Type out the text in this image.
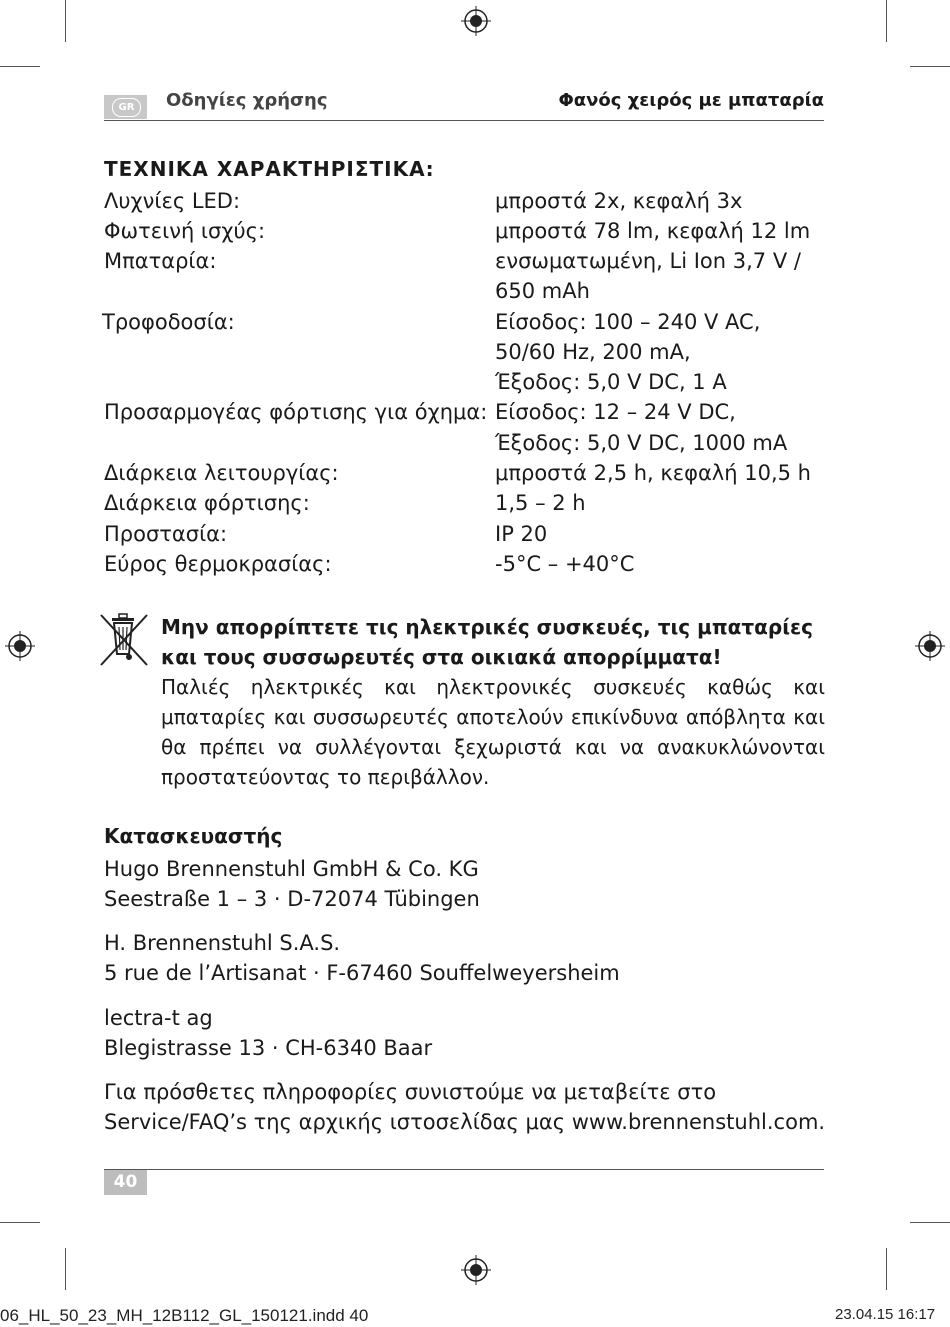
GR	Οδηγίες χρήσης	Φανός χειρός με μπαταρία
ΤΕΧΝΙΚΑ ΧΑΡΑΚΤΗΡΙΣΤΙΚΑ:
Λυχνίες LED:	μπροστά 2x, κεφαλή 3x
Φωτεινή ισχύς:	μπροστά 78 lm, κεφαλή 12 lm
Μπαταρία:	ενσωματωμένη, Li Ion 3,7 V /
650 mAh
Τροφοδοσία:	Είσοδος: 100 – 240 V AC,
50/60 Hz, 200 mA,
Έξοδος: 5,0 V DC, 1 A
Προσαρμογέας φόρτισης για όχημα: Είσοδος: 12 – 24 V DC,
Έξοδος: 5,0 V DC, 1000 mA
Διάρκεια λειτουργίας:	μπροστά 2,5 h, κεφαλή 10,5 h
Διάρκεια φόρτισης:	1,5 – 2 h
Προστασία:	IP 20
Εύρος θερμοκρασίας:	-5°C – +40°C
Μην απορρίπτετε τις ηλεκτρικές συσκευές, τις μπαταρίες και τους συσσωρευτές στα οικιακά απορρίμματα!
Παλιές ηλεκτρικές και ηλεκτρονικές συσκευές καθώς και μπαταρίες και συσσωρευτές αποτελούν επικίνδυνα απόβλητα και θα πρέπει να συλλέγονται ξεχωριστά και να ανακυκλώνονται προστατεύοντας το περιβάλλον.
Κατασκευαστής
Hugo Brennenstuhl GmbH & Co. KG
Seestraße 1 – 3 · D-72074 Tübingen
H. Brennenstuhl S.A.S.
5 rue de l’Artisanat · F-67460 Souffelweyersheim
lectra-t ag
Blegistrasse 13 · CH-6340 Baar
Για πρόσθετες πληροφορίες συνιστούμε να μεταβείτε στο
Service/FAQ’s της αρχικής ιστοσελίδας μας www.brennenstuhl.com.
40
06_HL_50_23_MH_12B112_GL_150121.indd 40	23.04.15 16:17
